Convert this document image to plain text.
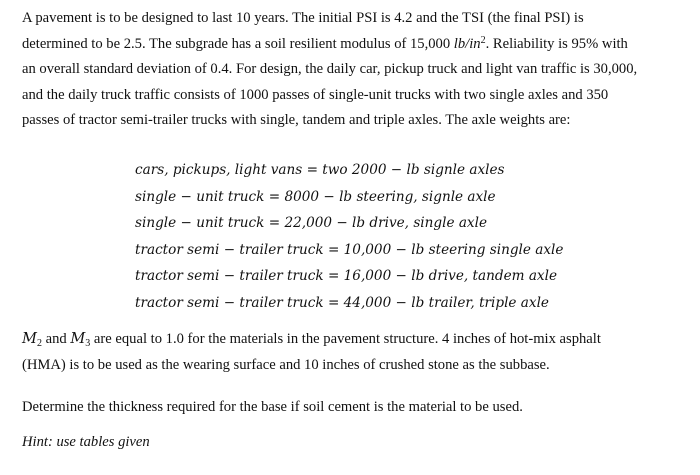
A pavement is to be designed to last 10 years. The initial PSI is 4.2 and the TSI (the final PSI) is
determined to be 2.5. The subgrade has a soil resilient modulus of 15,000 $lb/in^2$. Reliability is 95% with
an overall standard deviation of 0.4. For design, the daily car, pickup truck and light van traffic is 30,000,
and the daily truck traffic consists of 1000 passes of single-unit trucks with two single axles and 350
passes of tractor semi-trailer trucks with single, tandem and triple axles. The axle weights are:

cars, pickups, light vans = two 2000 − lb signle axles
single − unit truck = 8000 − lb steering, signle axle
single − unit truck = 22,000 − lb drive, single axle
tractor semi − trailer truck = 10,000 − lb steering single axle
tractor semi − trailer truck = 16,000 − lb drive, tandem axle
tractor semi − trailer truck = 44,000 − lb trailer, triple axle

$M_2$ and $M_3$ are equal to 1.0 for the materials in the pavement structure. 4 inches of hot-mix asphalt
(HMA) is to be used as the wearing surface and 10 inches of crushed stone as the subbase.

Determine the thickness required for the base if soil cement is the material to be used.

Hint: use tables given
